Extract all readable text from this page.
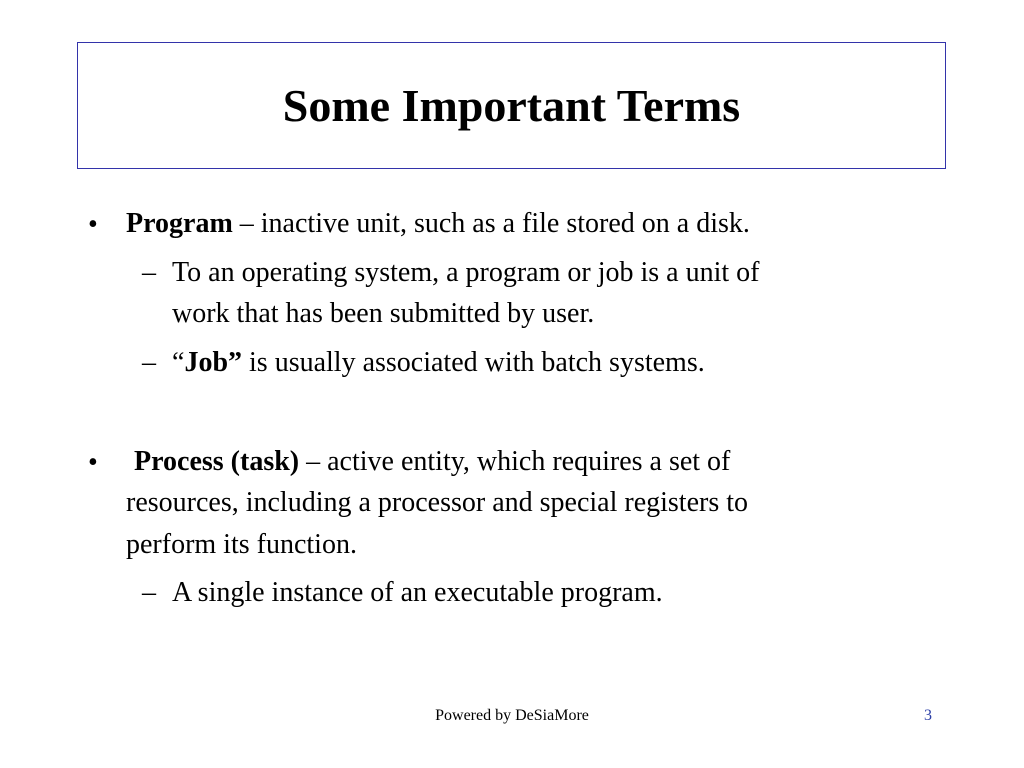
Some Important Terms
• Program – inactive unit, such as a file stored on a disk.
– To an operating system, a program or job is a unit of
work that has been submitted by user.
– “Job” is usually associated with batch systems.
• Process (task) – active entity, which requires a set of
resources, including a processor and special registers to
perform its function.
– A single instance of an executable program.
Powered by DeSiaMore	3
